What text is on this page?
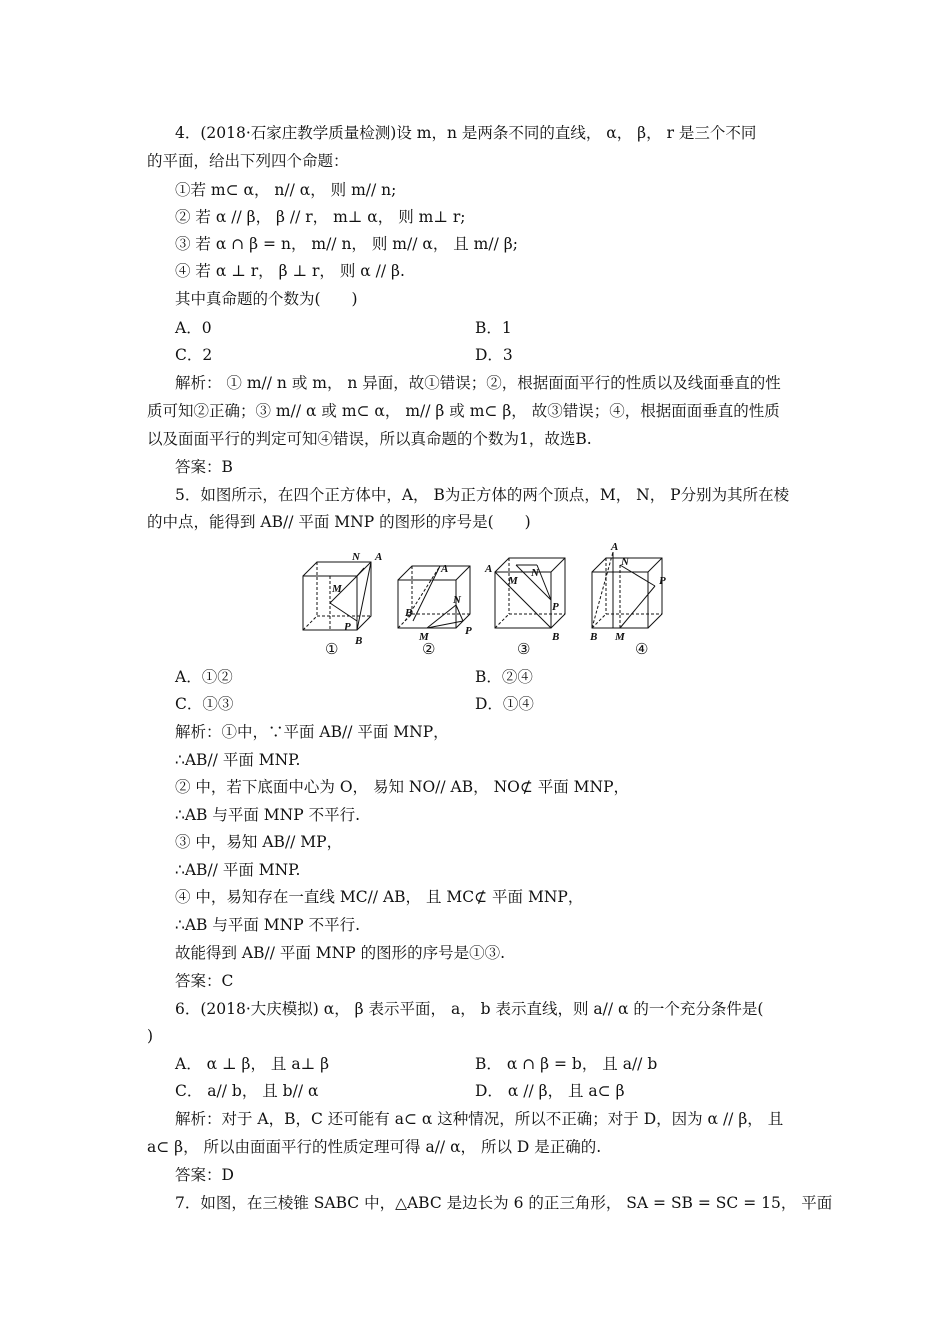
4．(2018·石家庄教学质量检测)设 m，n 是两条不同的直线， α， β， r 是三个不同
的平面，给出下列四个命题：
①若 m⊂ α， n// α， 则 m// n;
② 若 α // β， β // r， m⊥ α， 则 m⊥ r;
③ 若 α ∩ β = n， m// n， 则 m// α， 且 m// β;
④ 若 α ⊥ r， β ⊥ r， 则 α // β.
其中真命题的个数为(　　)
A．0	B．1
C．2	D．3
解析： ① m// n 或 m， n 异面，故①错误；②，根据面面平行的性质以及线面垂直的性
质可知②正确；③ m// α 或 m⊂ α， m// β 或 m⊂ β， 故③错误；④，根据面面垂直的性质
以及面面平行的判定可知④错误，所以真命题的个数为1，故选B.
答案：B
5．如图所示，在四个正方体中，A， B为正方体的两个顶点，M， N， P分别为其所在棱
的中点，能得到 AB// 平面 MNP 的图形的序号是(　　)
N A
M
P
B
A
N
B
M	P
A
M
N
P
B
A
N
P
B M
①	②	③	④
A．①②	B．②④
C．①③	D．①④
解析：①中，∵平面 AB// 平面 MNP，
∴AB// 平面 MNP.
② 中，若下底面中心为 O， 易知 NO// AB， NO⊄ 平面 MNP，
∴AB 与平面 MNP 不平行.
③ 中，易知 AB// MP，
∴AB// 平面 MNP.
④ 中，易知存在一直线 MC// AB， 且 MC⊄ 平面 MNP，
∴AB 与平面 MNP 不平行.
故能得到 AB// 平面 MNP 的图形的序号是①③.
答案：C
6．(2018·大庆模拟) α， β 表示平面， a， b 表示直线，则 a// α 的一个充分条件是(
)
A． α ⊥ β， 且 a⊥ β	B． α ∩ β = b， 且 a// b
C． a// b， 且 b// α	D． α // β， 且 a⊂ β
解析：对于 A，B，C 还可能有 a⊂ α 这种情况，所以不正确；对于 D，因为 α // β， 且
a⊂ β， 所以由面面平行的性质定理可得 a// α， 所以 D 是正确的.
答案：D
7．如图，在三棱锥 SABC 中，△ABC 是边长为 6 的正三角形， SA = SB = SC = 15， 平面
